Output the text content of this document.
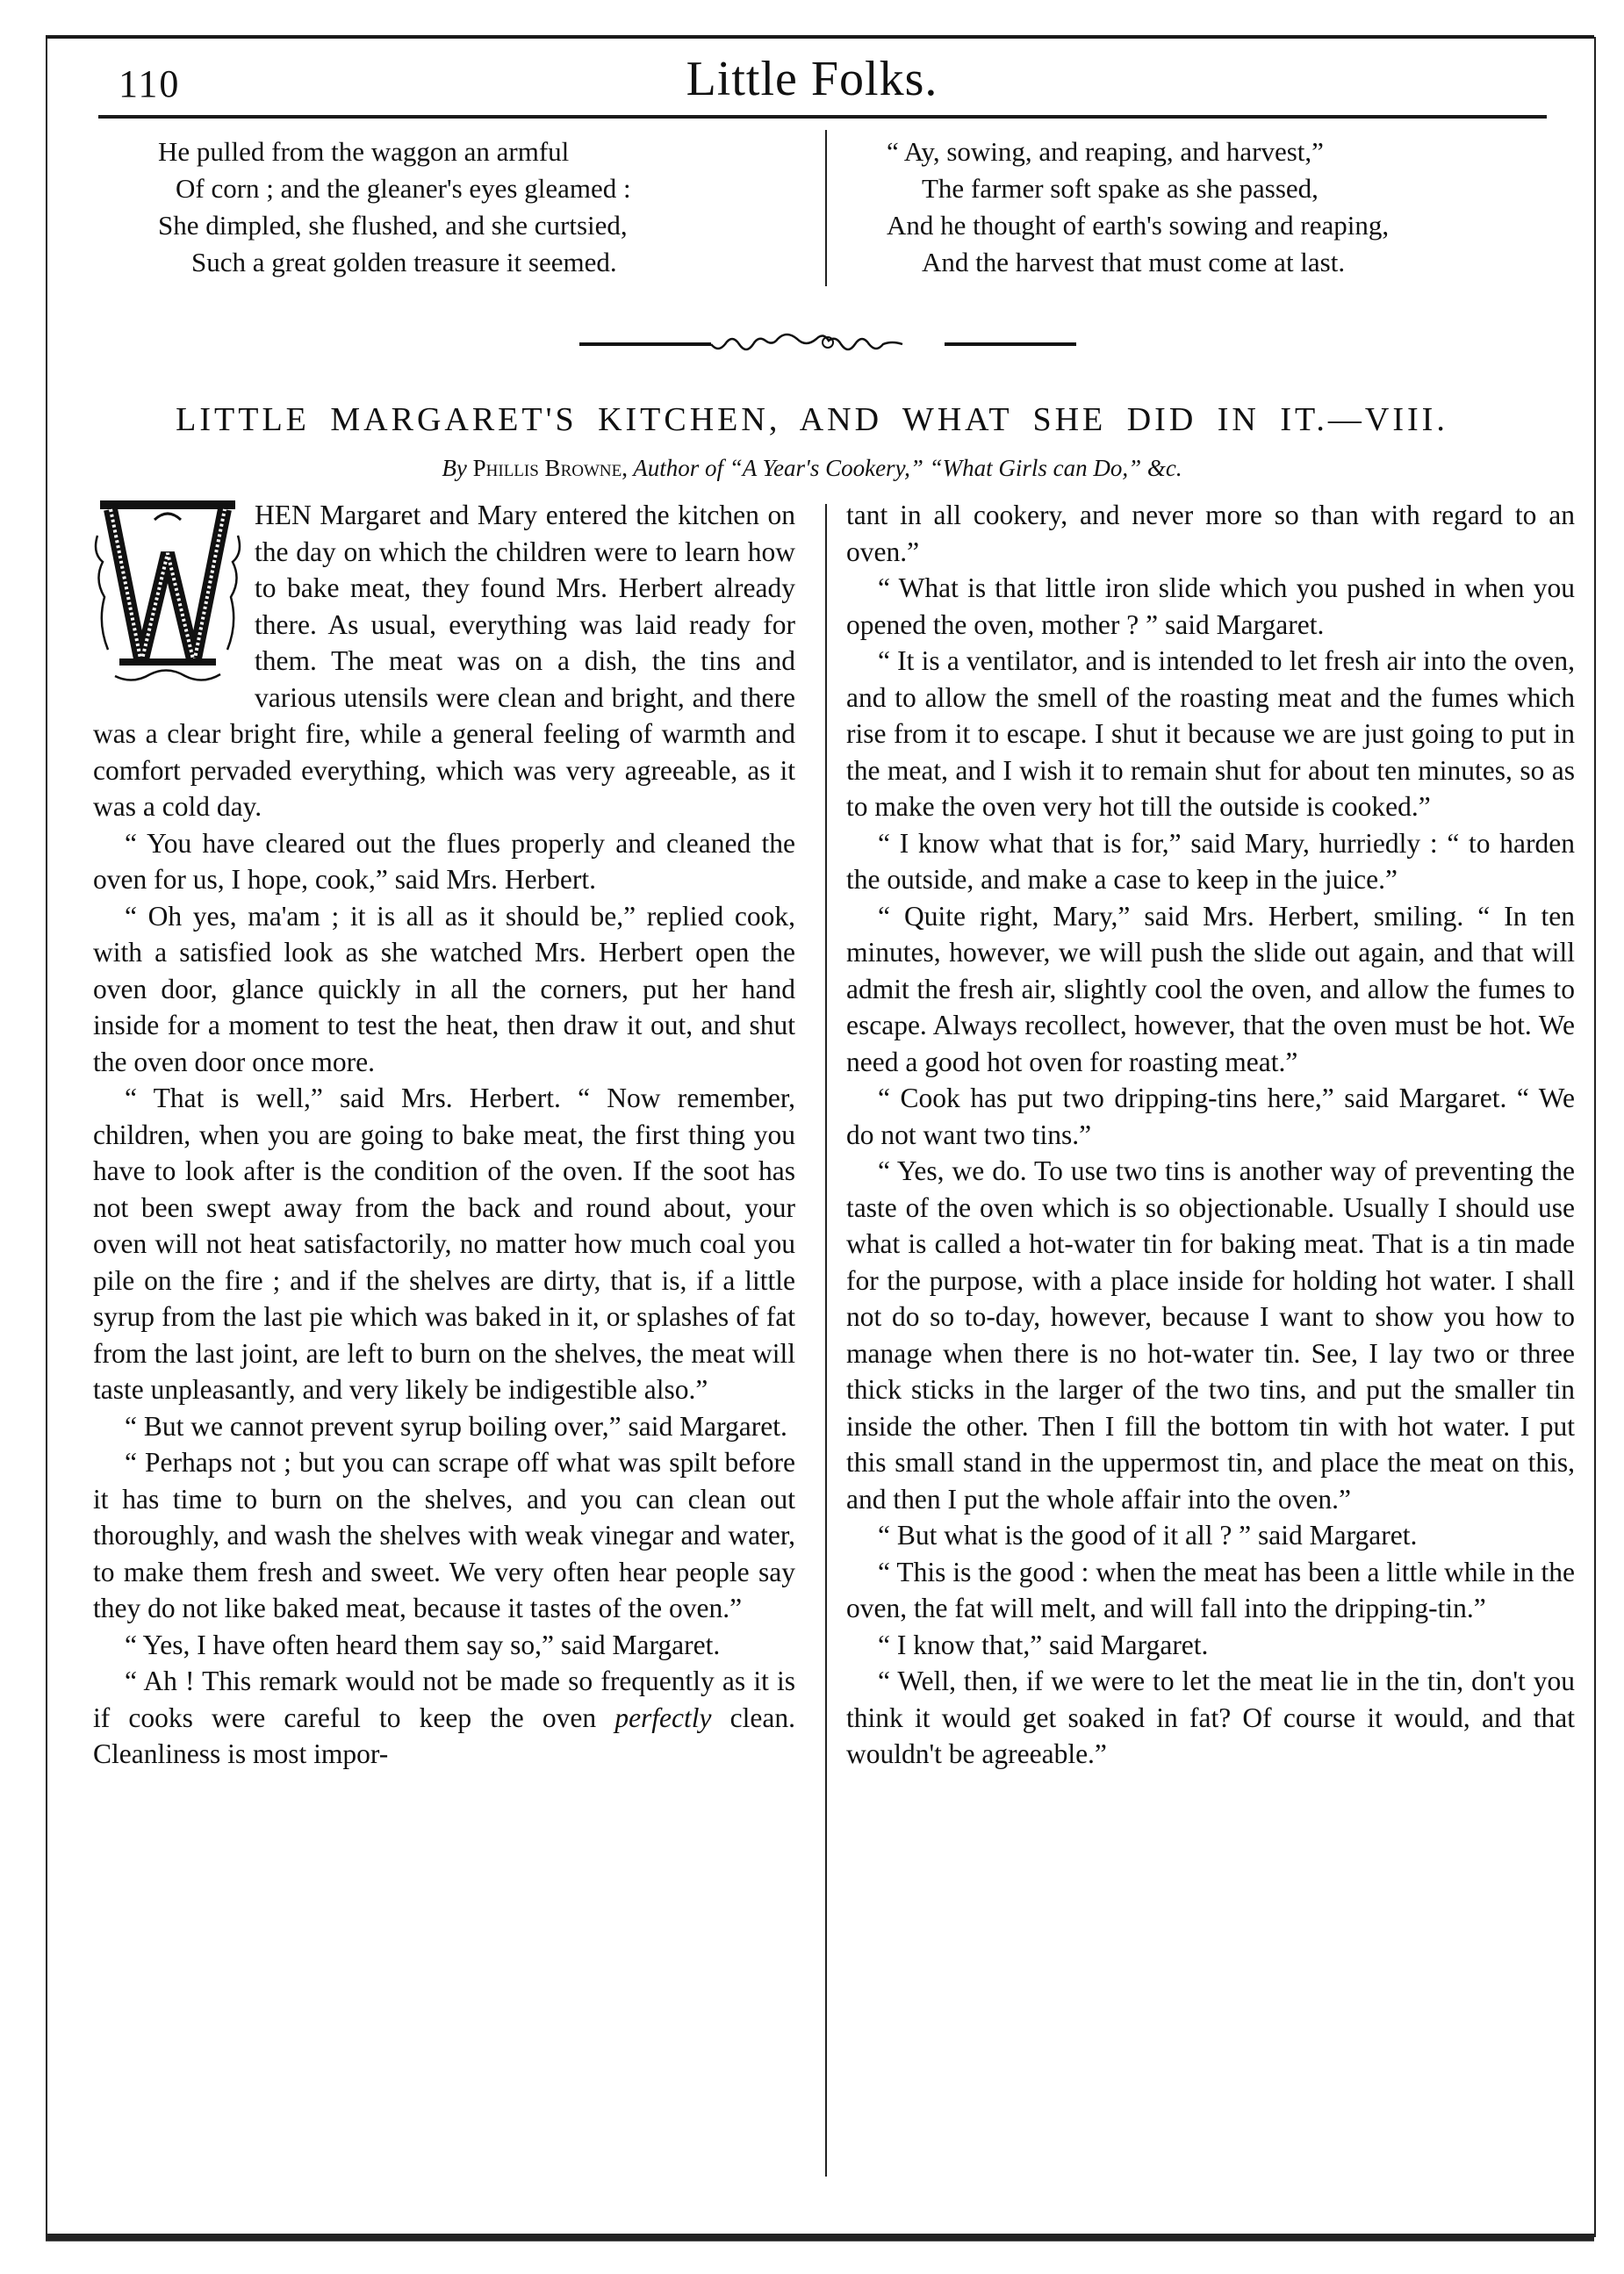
110	Little Folks.
He pulled from the waggon an armful
Of corn ; and the gleaner's eyes gleamed :
She dimpled, she flushed, and she curtsied,
Such a great golden treasure it seemed.
“ Ay, sowing, and reaping, and harvest,”
The farmer soft spake as she passed,
And he thought of earth's sowing and reaping,
And the harvest that must come at last.
LITTLE MARGARET'S KITCHEN, AND WHAT SHE DID IN IT.—VIII.
By Phillis Browne, Author of “A Year's Cookery,” “What Girls can Do,” &c.

HEN Margaret and Mary entered the kitchen on the day on which the children were to learn how to bake meat, they found Mrs. Herbert already there. As usual, everything was laid ready for them. The meat was on a dish, the tins and various utensils were clean and bright, and there was a clear bright fire, while a general feeling of warmth and comfort pervaded everything, which was very agreeable, as it was a cold day.

“ You have cleared out the flues properly and cleaned the oven for us, I hope, cook,” said Mrs. Herbert.

“ Oh yes, ma'am ; it is all as it should be,” replied cook, with a satisfied look as she watched Mrs. Herbert open the oven door, glance quickly in all the corners, put her hand inside for a moment to test the heat, then draw it out, and shut the oven door once more.

“ That is well,” said Mrs. Herbert. “ Now remember, children, when you are going to bake meat, the first thing you have to look after is the condition of the oven. If the soot has not been swept away from the back and round about, your oven will not heat satisfactorily, no matter how much coal you pile on the fire ; and if the shelves are dirty, that is, if a little syrup from the last pie which was baked in it, or splashes of fat from the last joint, are left to burn on the shelves, the meat will taste unpleasantly, and very likely be indigestible also.”

“ But we cannot prevent syrup boiling over,” said Margaret.

“ Perhaps not ; but you can scrape off what was spilt before it has time to burn on the shelves, and you can clean out thoroughly, and wash the shelves with weak vinegar and water, to make them fresh and sweet. We very often hear people say they do not like baked meat, because it tastes of the oven.”

“ Yes, I have often heard them say so,” said Margaret.

“ Ah ! This remark would not be made so frequently as it is if cooks were careful to keep the oven perfectly clean. Cleanliness is most impor-

tant in all cookery, and never more so than with regard to an oven.”

“ What is that little iron slide which you pushed in when you opened the oven, mother ? ” said Margaret.

“ It is a ventilator, and is intended to let fresh air into the oven, and to allow the smell of the roasting meat and the fumes which rise from it to escape. I shut it because we are just going to put in the meat, and I wish it to remain shut for about ten minutes, so as to make the oven very hot till the outside is cooked.”

“ I know what that is for,” said Mary, hurriedly : “ to harden the outside, and make a case to keep in the juice.”

“ Quite right, Mary,” said Mrs. Herbert, smiling. “ In ten minutes, however, we will push the slide out again, and that will admit the fresh air, slightly cool the oven, and allow the fumes to escape. Always recollect, however, that the oven must be hot. We need a good hot oven for roasting meat.”

“ Cook has put two dripping-tins here,” said Margaret. “ We do not want two tins.”

“ Yes, we do. To use two tins is another way of preventing the taste of the oven which is so objectionable. Usually I should use what is called a hot-water tin for baking meat. That is a tin made for the purpose, with a place inside for holding hot water. I shall not do so to-day, however, because I want to show you how to manage when there is no hot-water tin. See, I lay two or three thick sticks in the larger of the two tins, and put the smaller tin inside the other. Then I fill the bottom tin with hot water. I put this small stand in the uppermost tin, and place the meat on this, and then I put the whole affair into the oven.”

“ But what is the good of it all ? ” said Margaret.

“ This is the good : when the meat has been a little while in the oven, the fat will melt, and will fall into the dripping-tin.”

“ I know that,” said Margaret.

“ Well, then, if we were to let the meat lie in the tin, don't you think it would get soaked in fat? Of course it would, and that wouldn't be agreeable.”
